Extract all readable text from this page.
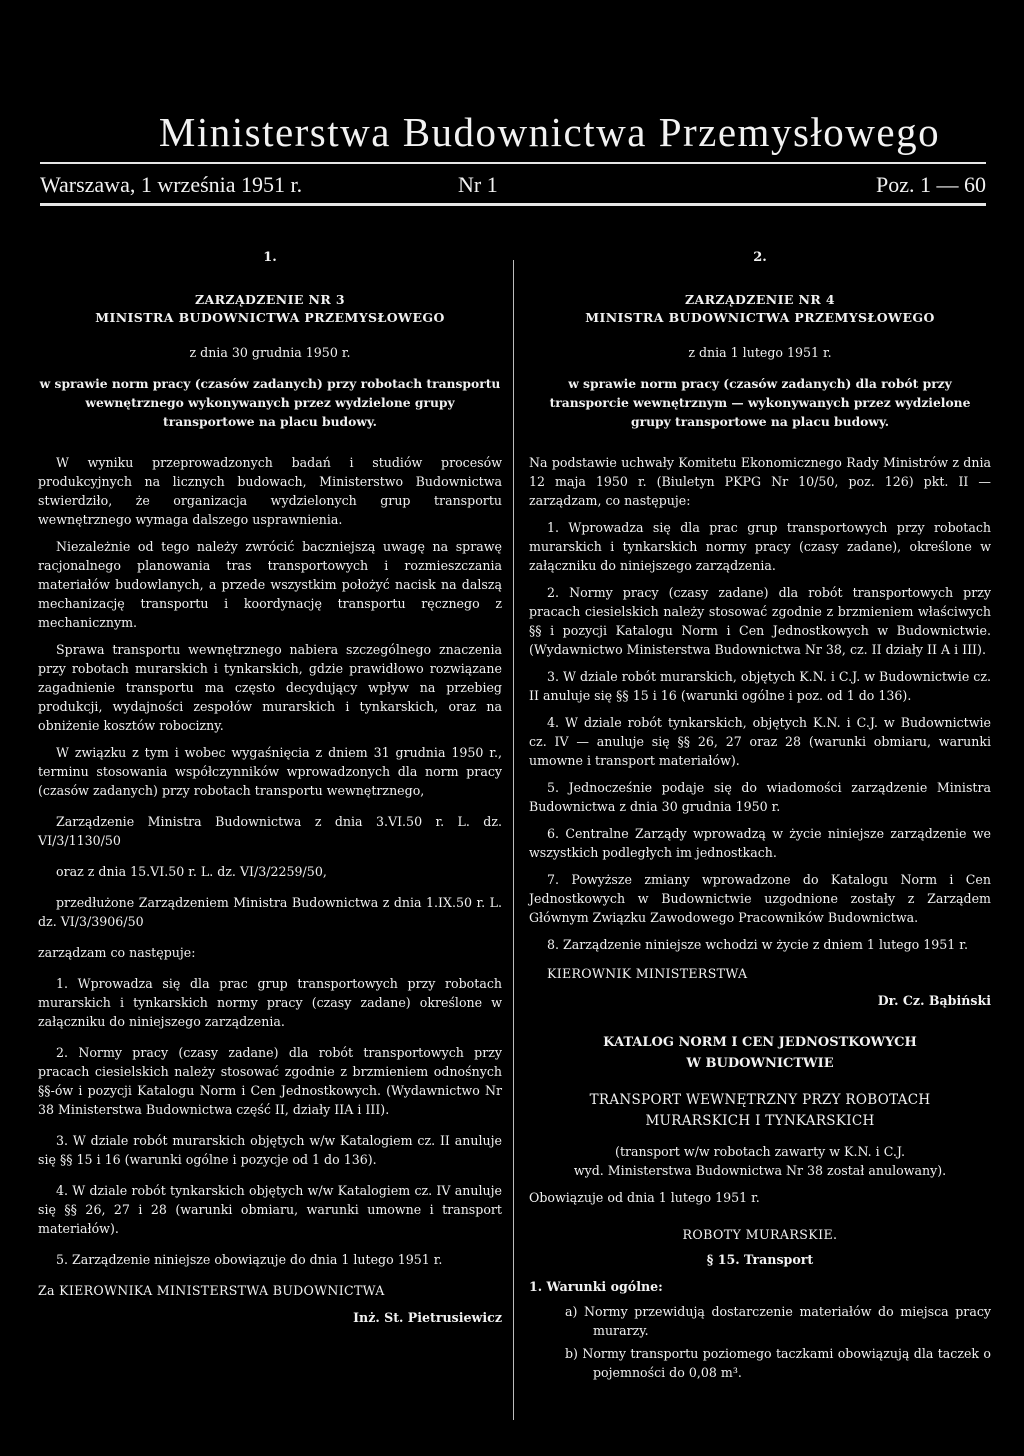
Ministerstwa Budownictwa Przemysłowego
Warszawa, 1 września 1951 r.	Nr 1	Poz. 1 — 60
1.
ZARZĄDZENIE NR 3
MINISTRA BUDOWNICTWA PRZEMYSŁOWEGO
z dnia 30 grudnia 1950 r.
w sprawie norm pracy (czasów zadanych) przy robotach transportu wewnętrznego wykonywanych przez wydzielone grupy transportowe na placu budowy.

W wyniku przeprowadzonych badań i studiów procesów produkcyjnych na licznych budowach, Ministerstwo Budownictwa stwierdziło, że organizacja wydzielonych grup transportu wewnętrznego wymaga dalszego usprawnienia.

Niezależnie od tego należy zwrócić baczniejszą uwagę na sprawę racjonalnego planowania tras transportowych i rozmieszczania materiałów budowlanych, a przede wszystkim położyć nacisk na dalszą mechanizację transportu i koordynację transportu ręcznego z mechanicznym.

Sprawa transportu wewnętrznego nabiera szczególnego znaczenia przy robotach murarskich i tynkarskich, gdzie prawidłowo rozwiązane zagadnienie transportu ma często decydujący wpływ na przebieg produkcji, wydajności zespołów murarskich i tynkarskich, oraz na obniżenie kosztów robocizny.

W związku z tym i wobec wygaśnięcia z dniem 31 grudnia 1950 r., terminu stosowania współczynników wprowadzonych dla norm pracy (czasów zadanych) przy robotach transportu wewnętrznego,

Zarządzenie Ministra Budownictwa z dnia 3.VI.50 r. L. dz. VI/3/1130/50

oraz z dnia 15.VI.50 r. L. dz. VI/3/2259/50,

przedłużone Zarządzeniem Ministra Budownictwa z dnia 1.IX.50 r. L. dz. VI/3/3906/50

zarządzam co następuje:

1. Wprowadza się dla prac grup transportowych przy robotach murarskich i tynkarskich normy pracy (czasy zadane) określone w załączniku do niniejszego zarządzenia.

2. Normy pracy (czasy zadane) dla robót transportowych przy pracach ciesielskich należy stosować zgodnie z brzmieniem odnośnych §§-ów i pozycji Katalogu Norm i Cen Jednostkowych. (Wydawnictwo Nr 38 Ministerstwa Budownictwa część II, działy IIA i III).

3. W dziale robót murarskich objętych w/w Katalogiem cz. II anuluje się §§ 15 i 16 (warunki ogólne i pozycje od 1 do 136).

4. W dziale robót tynkarskich objętych w/w Katalogiem cz. IV anuluje się §§ 26, 27 i 28 (warunki obmiaru, warunki umowne i transport materiałów).

5. Zarządzenie niniejsze obowiązuje do dnia 1 lutego 1951 r.

Za KIEROWNIKA MINISTERSTWA BUDOWNICTWA

Inż. St. Pietrusiewicz
2.
ZARZĄDZENIE NR 4
MINISTRA BUDOWNICTWA PRZEMYSŁOWEGO
z dnia 1 lutego 1951 r.
w sprawie norm pracy (czasów zadanych) dla robót przy transporcie wewnętrznym — wykonywanych przez wydzielone grupy transportowe na placu budowy.

Na podstawie uchwały Komitetu Ekonomicznego Rady Ministrów z dnia 12 maja 1950 r. (Biuletyn PKPG Nr 10/50, poz. 126) pkt. II — zarządzam, co następuje:

1. Wprowadza się dla prac grup transportowych przy robotach murarskich i tynkarskich normy pracy (czasy zadane), określone w załączniku do niniejszego zarządzenia.

2. Normy pracy (czasy zadane) dla robót transportowych przy pracach ciesielskich należy stosować zgodnie z brzmieniem właściwych §§ i pozycji Katalogu Norm i Cen Jednostkowych w Budownictwie. (Wydawnictwo Ministerstwa Budownictwa Nr 38, cz. II działy II A i III).

3. W dziale robót murarskich, objętych K.N. i C.J. w Budownictwie cz. II anuluje się §§ 15 i 16 (warunki ogólne i poz. od 1 do 136).

4. W dziale robót tynkarskich, objętych K.N. i C.J. w Budownictwie cz. IV — anuluje się §§ 26, 27 oraz 28 (warunki obmiaru, warunki umowne i transport materiałów).

5. Jednocześnie podaje się do wiadomości zarządzenie Ministra Budownictwa z dnia 30 grudnia 1950 r.

6. Centralne Zarządy wprowadzą w życie niniejsze zarządzenie we wszystkich podległych im jednostkach.

7. Powyższe zmiany wprowadzone do Katalogu Norm i Cen Jednostkowych w Budownictwie uzgodnione zostały z Zarządem Głównym Związku Zawodowego Pracowników Budownictwa.

8. Zarządzenie niniejsze wchodzi w życie z dniem 1 lutego 1951 r.

KIEROWNIK MINISTERSTWA

Dr. Cz. Bąbiński
KATALOG NORM I CEN JEDNOSTKOWYCH
W BUDOWNICTWIE
TRANSPORT WEWNĘTRZNY PRZY ROBOTACH
MURARSKICH I TYNKARSKICH
(transport w/w robotach zawarty w K.N. i C.J.
wyd. Ministerstwa Budownictwa Nr 38 został anulowany).

Obowiązuje od dnia 1 lutego 1951 r.

ROBOTY MURARSKIE.
§ 15. Transport
1. Warunki ogólne:

a) Normy przewidują dostarczenie materiałów do miejsca pracy murarzy.

b) Normy transportu poziomego taczkami obowiązują dla taczek o pojemności do 0,08 m³.
